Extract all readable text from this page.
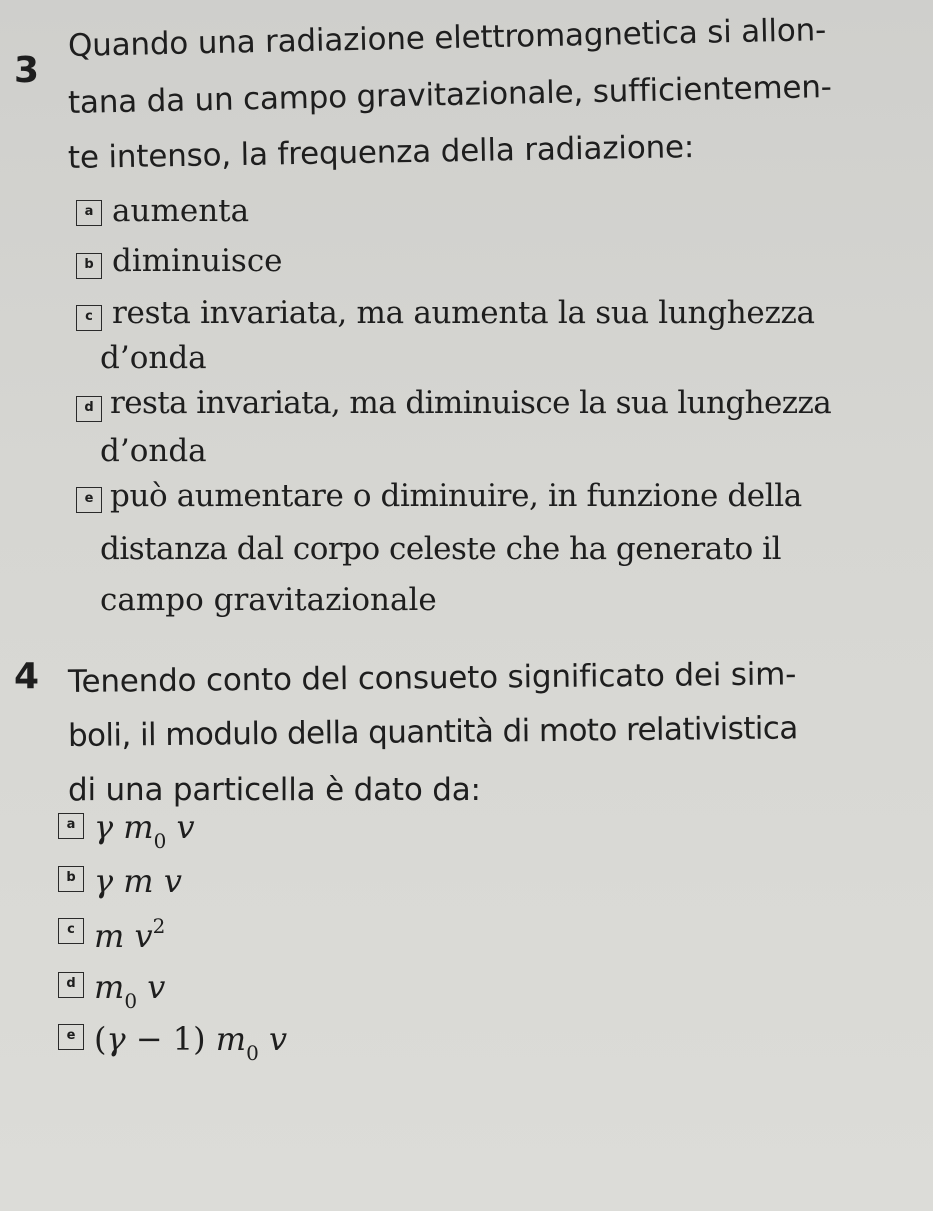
3
Quando una radiazione elettromagnetica si allon-
tana da un campo gravitazionale, sufficientemen-
te intenso, la frequenza della radiazione:
a aumenta
b diminuisce
c resta invariata, ma aumenta la sua lunghezza
d’onda
d resta invariata, ma diminuisce la sua lunghezza
d’onda
e può aumentare o diminuire, in funzione della
distanza dal corpo celeste che ha generato il
campo gravitazionale
4 Tenendo conto del consueto significato dei sim-
boli, il modulo della quantità di moto relativistica
di una particella è dato da:
a γ $m_0$ v
b γ m v
c m $v^2$
d $m_0$ v
e (γ − 1) $m_0$ v
